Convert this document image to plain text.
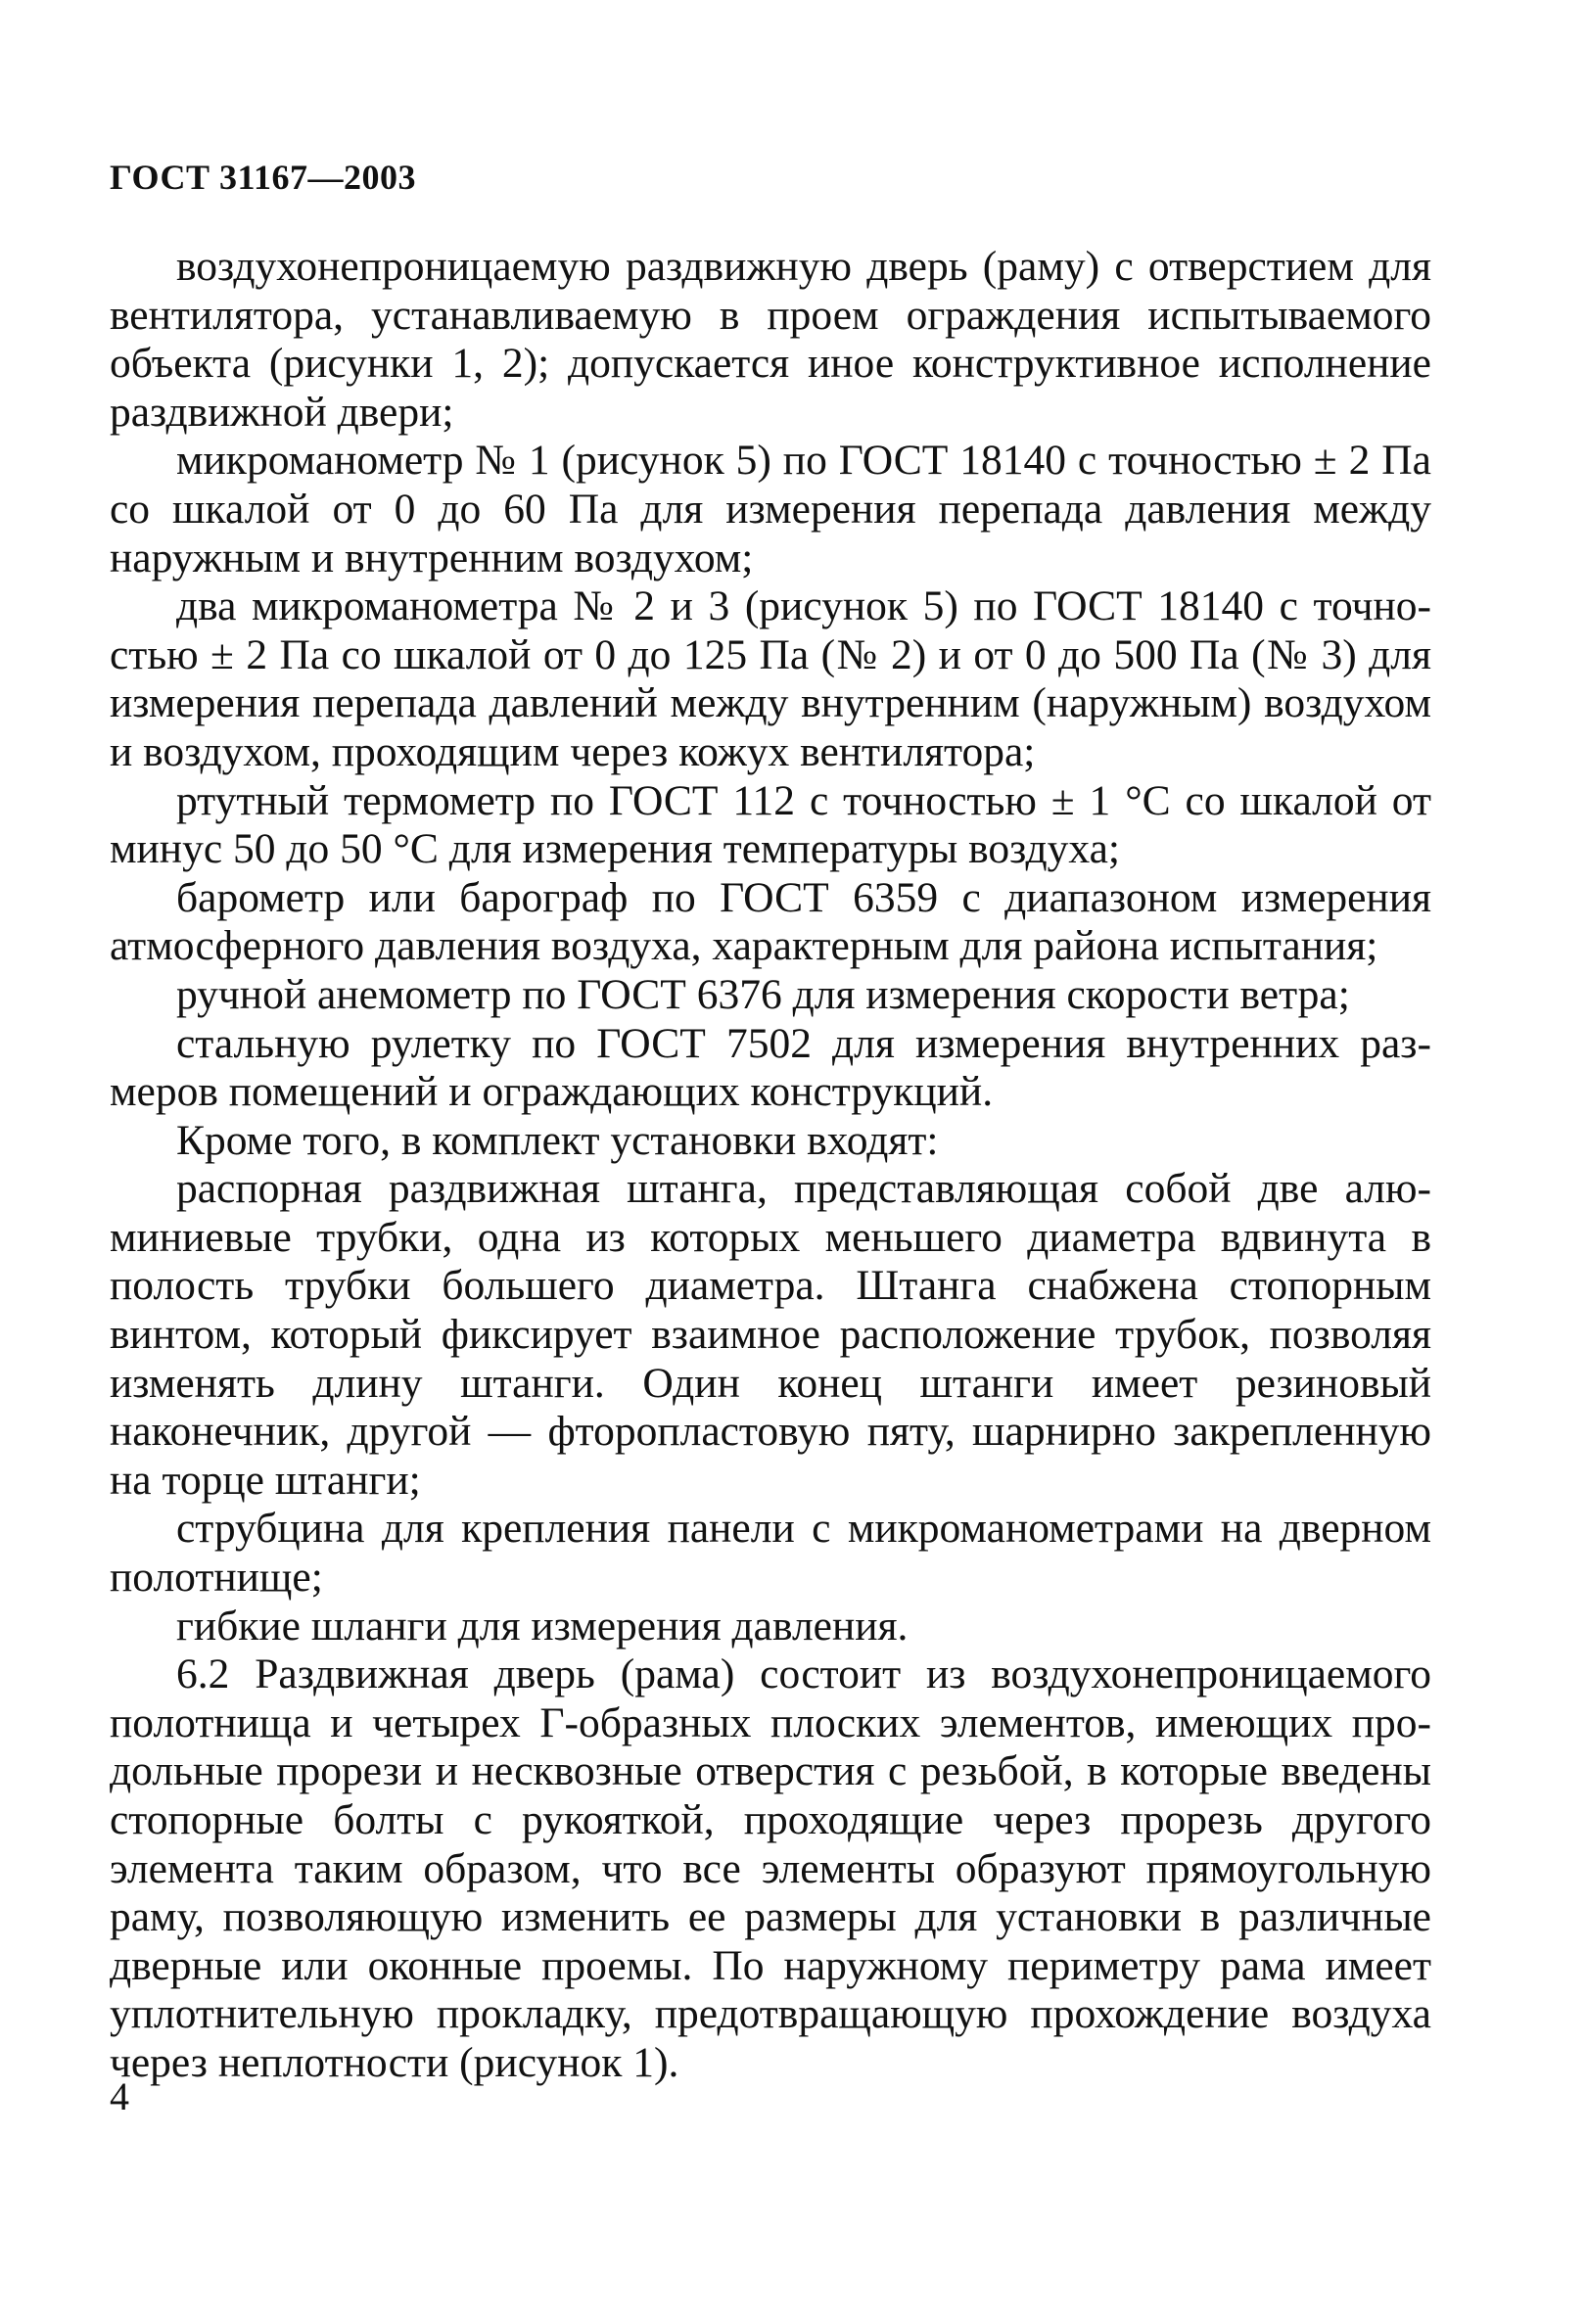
ГОСТ 31167—2003

воздухонепроницаемую раздвижную дверь (раму) с отверстием для вентилятора, устанавливаемую в проем ограждения испытываемого объекта (рисунки 1, 2); допускается иное конструктивное исполнение раздвижной двери;

микроманометр № 1 (рисунок 5) по ГОСТ 18140 с точностью ± 2 Па со шкалой от 0 до 60 Па для измерения перепада давления между наружным и внутренним воздухом;

два микроманометра № 2 и 3 (рисунок 5) по ГОСТ 18140 с точностью ± 2 Па со шкалой от 0 до 125 Па (№ 2) и от 0 до 500 Па (№ 3) для измерения перепада давлений между внутренним (наружным) воздухом и воздухом, проходящим через кожух вентилятора;

ртутный термометр по ГОСТ 112 с точностью ± 1 °С со шкалой от минус 50 до 50 °С для измерения температуры воздуха;

барометр или барограф по ГОСТ 6359 с диапазоном измерения атмосферного давления воздуха, характерным для района испытания;

ручной анемометр по ГОСТ 6376 для измерения скорости ветра;

стальную рулетку по ГОСТ 7502 для измерения внутренних размеров помещений и ограждающих конструкций.

Кроме того, в комплект установки входят:

распорная раздвижная штанга, представляющая собой две алюминиевые трубки, одна из которых меньшего диаметра вдвинута в полость трубки большего диаметра. Штанга снабжена стопорным винтом, который фиксирует взаимное расположение трубок, позволяя изменять длину штанги. Один конец штанги имеет резиновый наконечник, другой — фторопластовую пяту, шарнирно закрепленную на торце штанги;

струбцина для крепления панели с микроманометрами на дверном полотнище;

гибкие шланги для измерения давления.

6.2 Раздвижная дверь (рама) состоит из воздухонепроницаемого полотнища и четырех Г-образных плоских элементов, имеющих продольные прорези и несквозные отверстия с резьбой, в которые введены стопорные болты с рукояткой, проходящие через прорезь другого элемента таким образом, что все элементы образуют прямоугольную раму, позволяющую изменить ее размеры для установки в различные дверные или оконные проемы. По наружному периметру рама имеет уплотнительную прокладку, предотвращающую прохождение воздуха через неплотности (рисунок 1).

4
